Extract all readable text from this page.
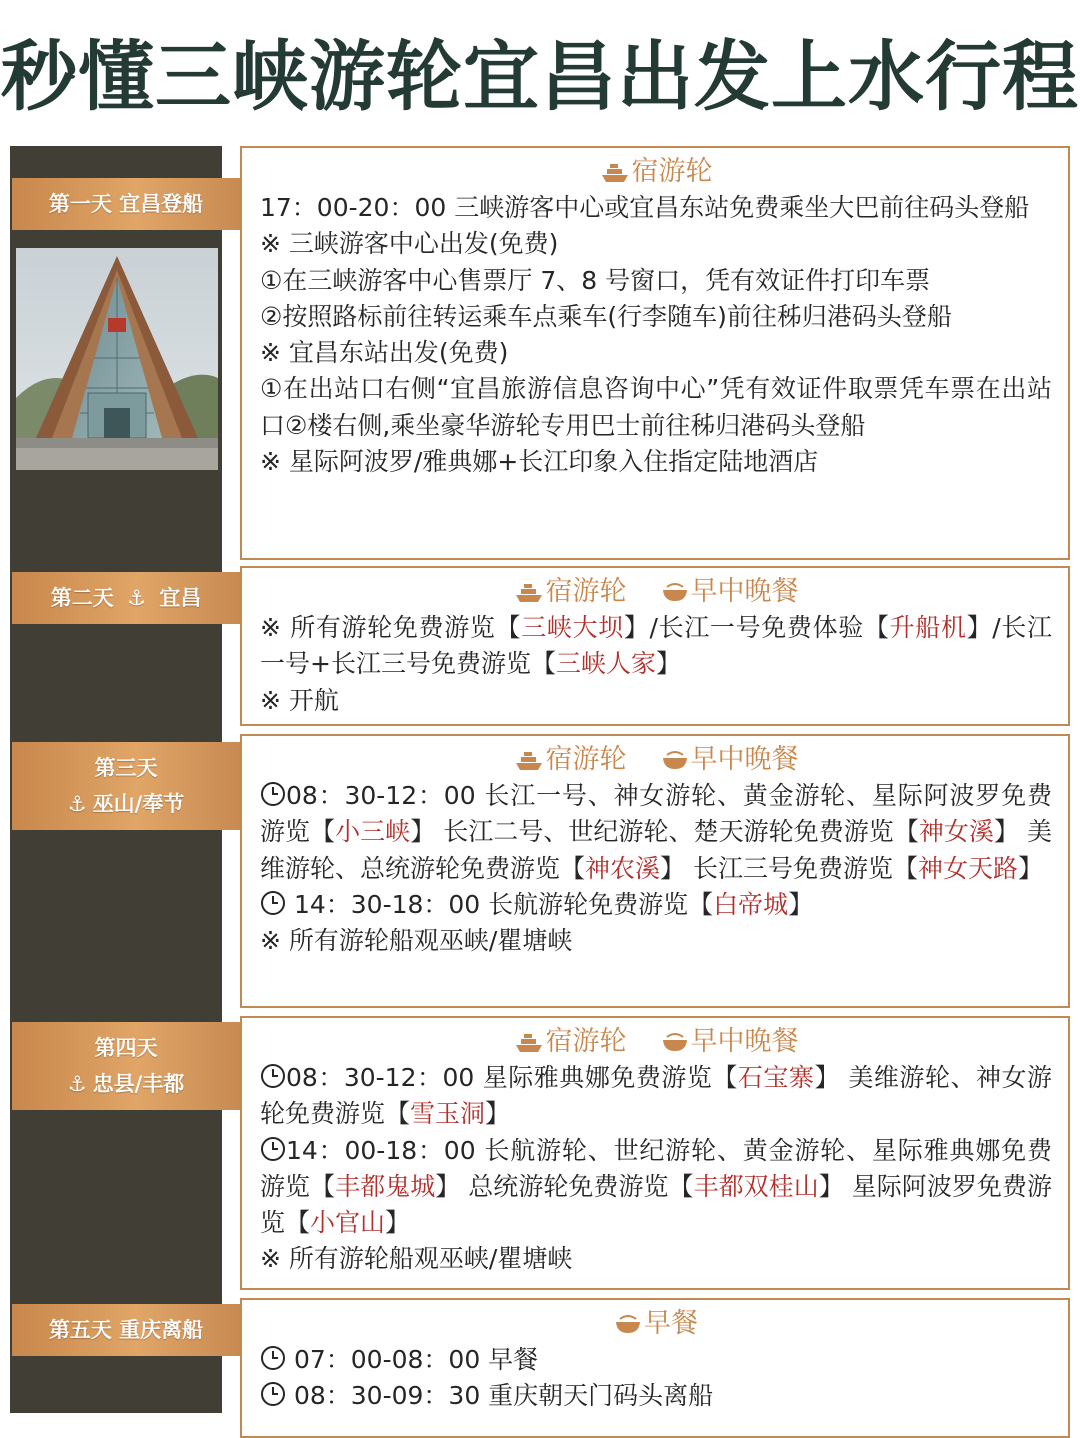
秒懂三峡游轮宜昌出发上水行程
第一天 宜昌登船
第二天 ⚓ 宜昌
第三天
⚓ 巫山/奉节
第四天
⚓ 忠县/丰都
第五天 重庆离船
宿游轮

17：00-20：00 三峡游客中心或宜昌东站免费乘坐大巴前往码头登船

※ 三峡游客中心出发(免费)

①在三峡游客中心售票厅 7、8 号窗口，凭有效证件打印车票

②按照路标前往转运乘车点乘车(行李随车)前往秭归港码头登船

※ 宜昌东站出发(免费)

①在出站口右侧“宜昌旅游信息咨询中心”凭有效证件取票凭车票在出站口②楼右侧,乘坐豪华游轮专用巴士前往秭归港码头登船

※ 星际阿波罗/雅典娜+长江印象入住指定陆地酒店

宿游轮 早中晚餐

※ 所有游轮免费游览【三峡大坝】/长江一号免费体验【升船机】/长江一号+长江三号免费游览【三峡人家】

※ 开航

宿游轮 早中晚餐

08：30-12：00 长江一号、神女游轮、黄金游轮、星际阿波罗免费游览【小三峡】 长江二号、世纪游轮、楚天游轮免费游览【神女溪】 美维游轮、总统游轮免费游览【神农溪】 长江三号免费游览【神女天路】

14：30-18：00 长航游轮免费游览【白帝城】

※ 所有游轮船观巫峡/瞿塘峡

宿游轮 早中晚餐

08：30-12：00 星际雅典娜免费游览【石宝寨】 美维游轮、神女游轮免费游览【雪玉洞】

14：00-18：00 长航游轮、世纪游轮、黄金游轮、星际雅典娜免费游览【丰都鬼城】 总统游轮免费游览【丰都双桂山】 星际阿波罗免费游览【小官山】

※ 所有游轮船观巫峡/瞿塘峡

早餐

07：00-08：00 早餐

08：30-09：30 重庆朝天门码头离船
